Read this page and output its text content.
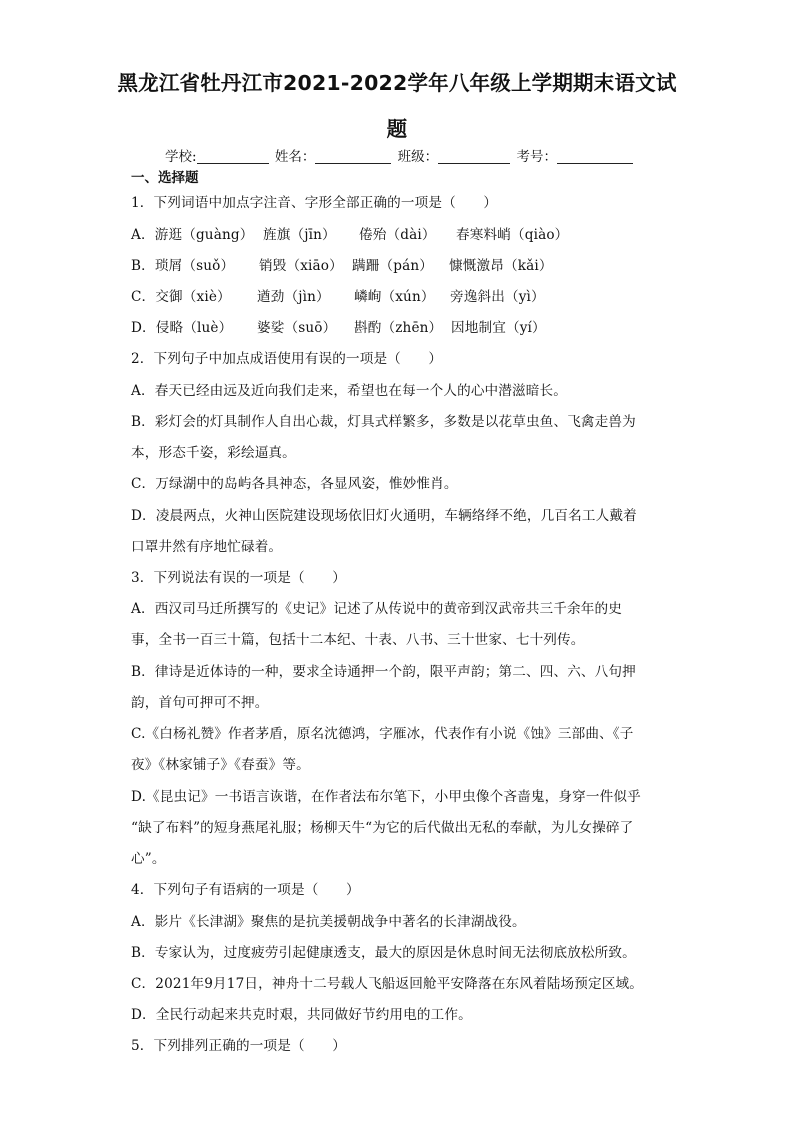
黑龙江省牡丹江市2021-2022学年八年级上学期期末语文试
题
学校:	姓名：	班级：	考号：
一、选择题
1．下列词语中加点字注音、字形全部正确的一项是（　　）
A．游逛（guàng） 旌旗（jīn） 倦殆（dài） 春寒料峭（qiào）
B．琐屑（suǒ） 销毁（xiāo） 蹒跚（pán） 慷慨激昂（kǎi）
C．交御（xiè） 遒劲（jìn） 嶙峋（xún） 旁逸斜出（yì）
D．侵略（luè） 婆娑（suō） 斟酌（zhēn） 因地制宜（yí）
2．下列句子中加点成语使用有误的一项是（　　）
A．春天已经由远及近向我们走来，希望也在每一个人的心中潜滋暗长。
B．彩灯会的灯具制作人自出心裁，灯具式样繁多，多数是以花草虫鱼、飞禽走兽为
本，形态千姿，彩绘逼真。
C．万绿湖中的岛屿各具神态，各显风姿，惟妙惟肖。
D．凌晨两点，火神山医院建设现场依旧灯火通明，车辆络绎不绝，几百名工人戴着
口罩井然有序地忙碌着。
3．下列说法有误的一项是（　　）
A．西汉司马迁所撰写的《史记》记述了从传说中的黄帝到汉武帝共三千余年的史
事，全书一百三十篇，包括十二本纪、十表、八书、三十世家、七十列传。
B．律诗是近体诗的一种，要求全诗通押一个韵，限平声韵；第二、四、六、八句押
韵，首句可押可不押。
C.《白杨礼赞》作者茅盾，原名沈德鸿，字雁冰，代表作有小说《蚀》三部曲、《子
夜》《林家铺子》《春蚕》等。
D.《昆虫记》一书语言诙谐，在作者法布尔笔下，小甲虫像个吝啬鬼，身穿一件似乎
“缺了布料”的短身燕尾礼服；杨柳天牛“为它的后代做出无私的奉献，为儿女操碎了
心”。
4．下列句子有语病的一项是（　　）
A．影片《长津湖》聚焦的是抗美援朝战争中著名的长津湖战役。
B．专家认为，过度疲劳引起健康透支，最大的原因是休息时间无法彻底放松所致。
C．2021年9月17日，神舟十二号载人飞船返回舱平安降落在东风着陆场预定区域。
D．全民行动起来共克时艰，共同做好节约用电的工作。
5．下列排列正确的一项是（　　）
